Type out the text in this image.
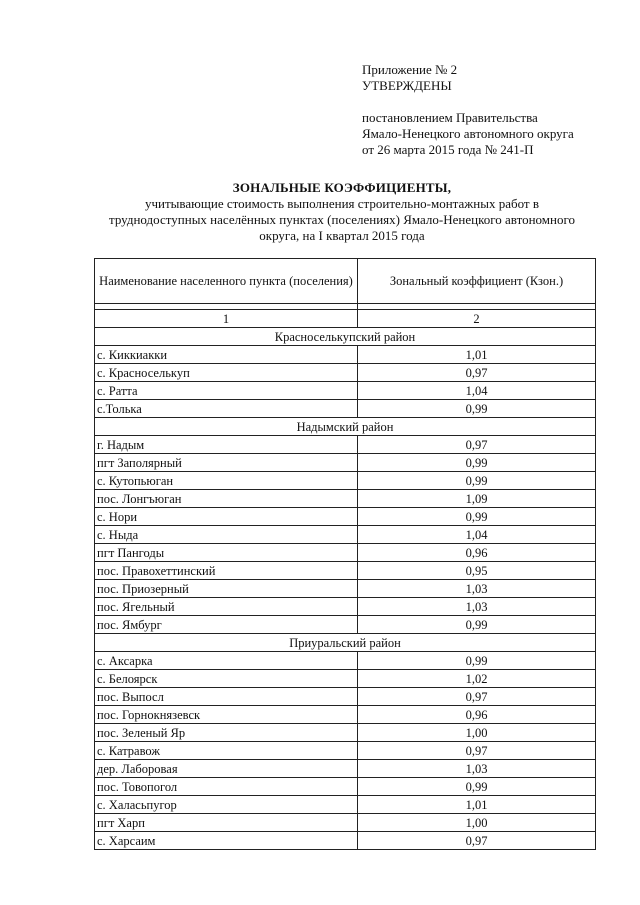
Приложение № 2
УТВЕРЖДЕНЫ
постановлением Правительства
Ямало-Ненецкого автономного округа
от 26 марта 2015 года № 241-П
ЗОНАЛЬНЫЕ КОЭФФИЦИЕНТЫ,
учитывающие стоимость выполнения строительно-монтажных работ в
труднодоступных населённых пунктах (поселениях) Ямало-Ненецкого автономного
округа, на I квартал 2015 года
Наименование населенного пункта (поселения)	Зональный коэффициент (Кзон.)

1	2
Красноселькупский район	
с. Киккиакки	1,01
с. Красноселькуп	0,97
с. Ратта	1,04
с.Толька	0,99
Надымский район	
г. Надым	0,97
пгт Заполярный	0,99
с. Кутопьюган	0,99
пос. Лонгъюган	1,09
с. Нори	0,99
с. Ныда	1,04
пгт Пангоды	0,96
пос. Правохеттинский	0,95
пос. Приозерный	1,03
пос. Ягельный	1,03
пос. Ямбург	0,99
Приуральский район	
с. Аксарка	0,99
с. Белоярск	1,02
пос. Выпосл	0,97
пос. Горнокнязевск	0,96
пос. Зеленый Яр	1,00
с. Катравож	0,97
дер. Лаборовая	1,03
пос. Товопогол	0,99
с. Халасьпугор	1,01
пгт Харп	1,00
с. Харсаим	0,97
